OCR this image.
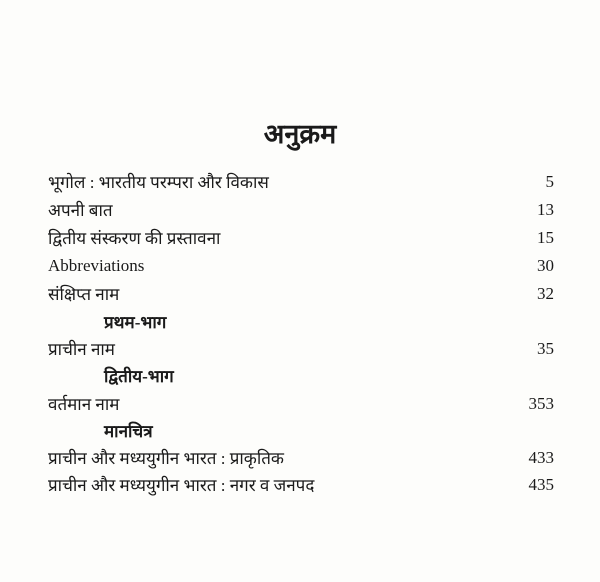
अनुक्रम
भूगोल : भारतीय परम्परा और विकास	5
अपनी बात	13
द्वितीय संस्करण की प्रस्तावना	15
Abbreviations	30
संक्षिप्त नाम	32
प्रथम-भाग
प्राचीन नाम	35
द्वितीय-भाग
वर्तमान नाम	353
मानचित्र
प्राचीन और मध्ययुगीन भारत : प्राकृतिक	433
प्राचीन और मध्ययुगीन भारत : नगर व जनपद	435
